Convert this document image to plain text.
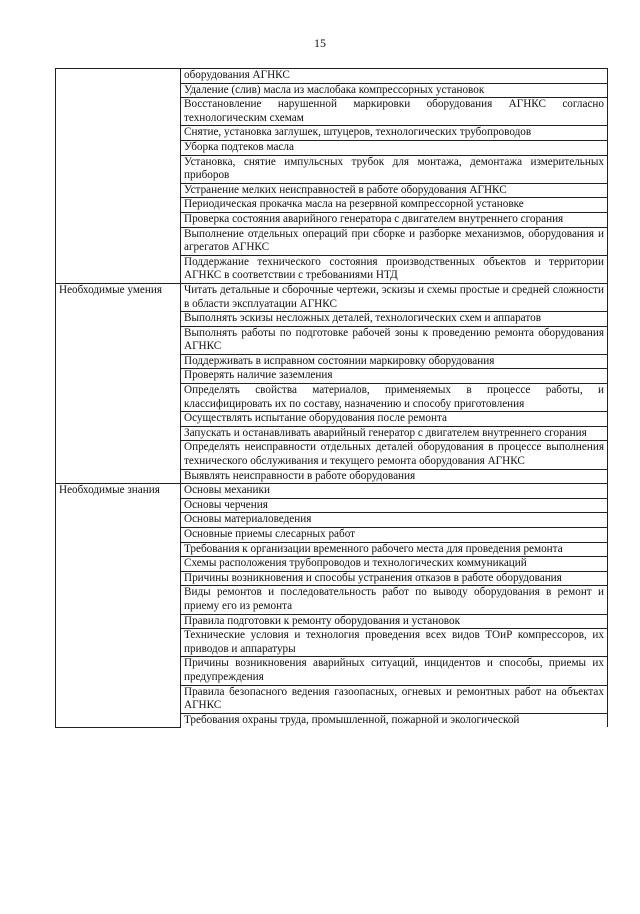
15
	оборудования АГНКС
	Удаление (слив) масла из маслобака компрессорных установок
	Восстановление нарушенной маркировки оборудования АГНКС согласно технологическим схемам
	Снятие, установка заглушек, штуцеров, технологических трубопроводов
	Уборка подтеков масла
	Установка, снятие импульсных трубок для монтажа, демонтажа измерительных приборов
	Устранение мелких неисправностей в работе оборудования АГНКС
	Периодическая прокачка масла на резервной компрессорной установке
	Проверка состояния аварийного генератора с двигателем внутреннего сгорания
	Выполнение отдельных операций при сборке и разборке механизмов, оборудования и агрегатов АГНКС
	Поддержание технического состояния производственных объектов и территории АГНКС в соответствии с требованиями НТД
Необходимые умения	Читать детальные и сборочные чертежи, эскизы и схемы простые и средней сложности в области эксплуатации АГНКС
	Выполнять эскизы несложных деталей, технологических схем и аппаратов
	Выполнять работы по подготовке рабочей зоны к проведению ремонта оборудования АГНКС
	Поддерживать в исправном состоянии маркировку оборудования
	Проверять наличие заземления
	Определять свойства материалов, применяемых в процессе работы, и классифицировать их по составу, назначению и способу приготовления
	Осуществлять испытание оборудования после ремонта
	Запускать и останавливать аварийный генератор с двигателем внутреннего сгорания
	Определять неисправности отдельных деталей оборудования в процессе выполнения технического обслуживания и текущего ремонта оборудования АГНКС
	Выявлять неисправности в работе оборудования
Необходимые знания	Основы механики
	Основы черчения
	Основы материаловедения
	Основные приемы слесарных работ
	Требования к организации временного рабочего места для проведения ремонта
	Схемы расположения трубопроводов и технологических коммуникаций
	Причины возникновения и способы устранения отказов в работе оборудования
	Виды ремонтов и последовательность работ по выводу оборудования в ремонт и приему его из ремонта
	Правила подготовки к ремонту оборудования и установок
	Технические условия и технология проведения всех видов ТОиР компрессоров, их приводов и аппаратуры
	Причины возникновения аварийных ситуаций, инцидентов и способы, приемы их предупреждения
	Правила безопасного ведения газоопасных, огневых и ремонтных работ на объектах АГНКС
	Требования охраны труда, промышленной, пожарной и экологической
